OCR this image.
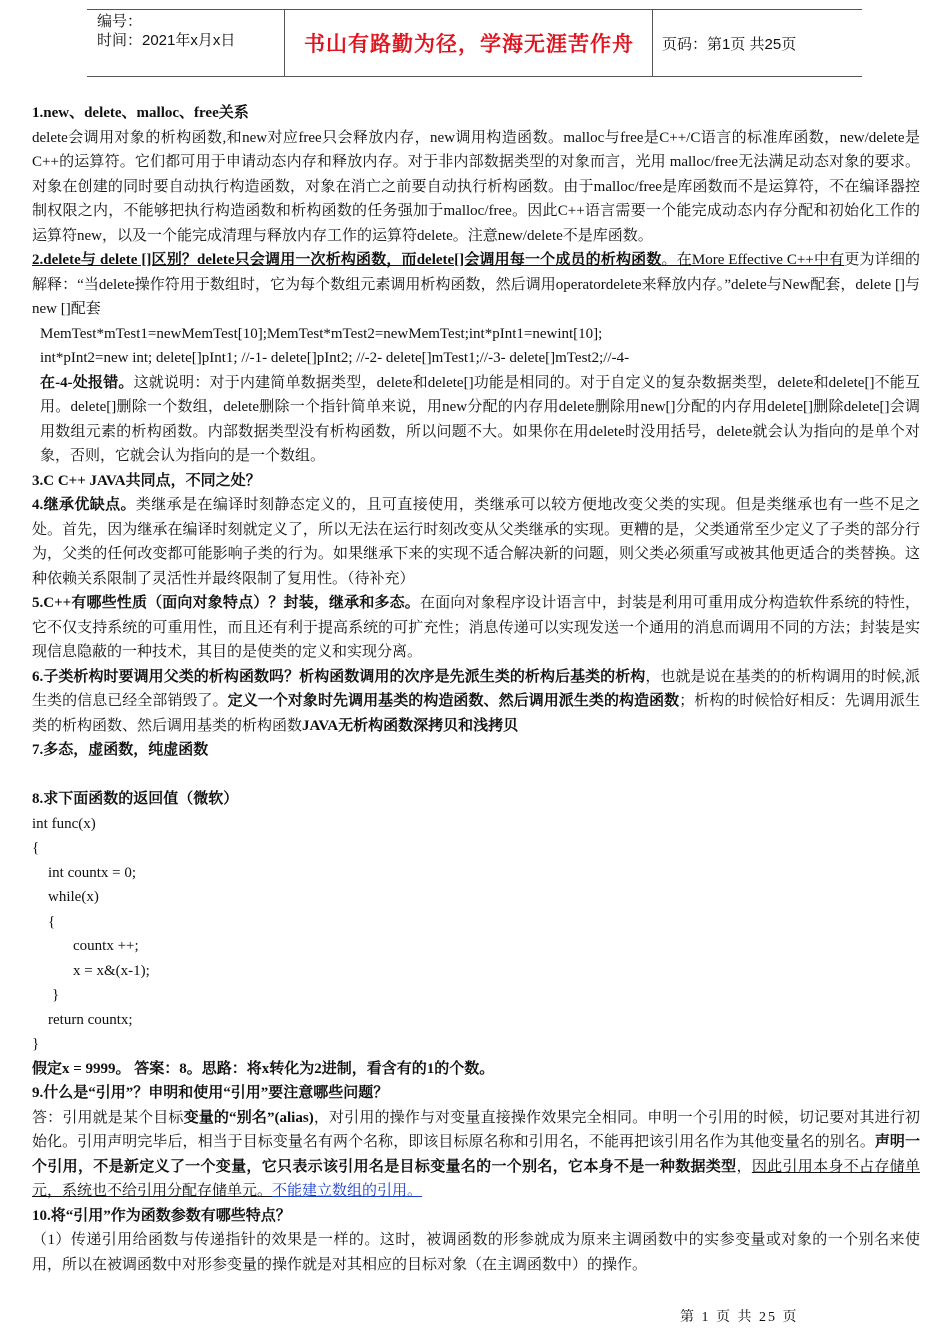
编号：
时间：2021年x月x日	书山有路勤为径，学海无涯苦作舟	页码：第1页 共25页

1.new、delete、malloc、free关系

delete会调用对象的析构函数,和new对应free只会释放内存，new调用构造函数。malloc与free是C++/C语言的标准库函数，new/delete是C++的运算符。它们都可用于申请动态内存和释放内存。对于非内部数据类型的对象而言，光用 malloc/free无法满足动态对象的要求。对象在创建的同时要自动执行构造函数，对象在消亡之前要自动执行析构函数。由于malloc/free是库函数而不是运算符，不在编译器控制权限之内，不能够把执行构造函数和析构函数的任务强加于malloc/free。因此C++语言需要一个能完成动态内存分配和初始化工作的运算符new，以及一个能完成清理与释放内存工作的运算符delete。注意new/delete不是库函数。

2.delete与 delete []区别？delete只会调用一次析构函数，而delete[]会调用每一个成员的析构函数。在More Effective C++中有更为详细的解释：“当delete操作符用于数组时，它为每个数组元素调用析构函数，然后调用operatordelete来释放内存。”delete与New配套，delete []与new []配套

MemTest*mTest1=newMemTest[10];MemTest*mTest2=newMemTest;int*pInt1=newint[10];

int*pInt2=new int; delete[]pInt1; //-1- delete[]pInt2; //-2- delete[]mTest1;//-3- delete[]mTest2;//-4-

在-4-处报错。这就说明：对于内建简单数据类型，delete和delete[]功能是相同的。对于自定义的复杂数据类型，delete和delete[]不能互用。delete[]删除一个数组，delete删除一个指针简单来说，用new分配的内存用delete删除用new[]分配的内存用delete[]删除delete[]会调用数组元素的析构函数。内部数据类型没有析构函数，所以问题不大。如果你在用delete时没用括号，delete就会认为指向的是单个对象，否则，它就会认为指向的是一个数组。

3.C C++ JAVA共同点，不同之处？

4.继承优缺点。类继承是在编译时刻静态定义的，且可直接使用，类继承可以较方便地改变父类的实现。但是类继承也有一些不足之处。首先，因为继承在编译时刻就定义了，所以无法在运行时刻改变从父类继承的实现。更糟的是，父类通常至少定义了子类的部分行为，父类的任何改变都可能影响子类的行为。如果继承下来的实现不适合解决新的问题，则父类必须重写或被其他更适合的类替换。这种依赖关系限制了灵活性并最终限制了复用性。（待补充）

5.C++有哪些性质（面向对象特点）？封装，继承和多态。在面向对象程序设计语言中，封装是利用可重用成分构造软件系统的特性，它不仅支持系统的可重用性，而且还有利于提高系统的可扩充性；消息传递可以实现发送一个通用的消息而调用不同的方法；封装是实现信息隐蔽的一种技术，其目的是使类的定义和实现分离。

6.子类析构时要调用父类的析构函数吗？析构函数调用的次序是先派生类的析构后基类的析构，也就是说在基类的的析构调用的时候,派生类的信息已经全部销毁了。定义一个对象时先调用基类的构造函数、然后调用派生类的构造函数；析构的时候恰好相反：先调用派生类的析构函数、然后调用基类的析构函数JAVA无析构函数深拷贝和浅拷贝

7.多态，虚函数，纯虚函数

8.求下面函数的返回值（微软）

int func(x)

{

int countx = 0;

while(x)

{

countx ++;

x = x&(x-1);

}

return countx;

}

假定x = 9999。 答案：8。思路：将x转化为2进制，看含有的1的个数。

9.什么是“引用”？申明和使用“引用”要注意哪些问题？

答：引用就是某个目标变量的“别名”(alias)，对引用的操作与对变量直接操作效果完全相同。申明一个引用的时候，切记要对其进行初始化。引用声明完毕后，相当于目标变量名有两个名称，即该目标原名称和引用名，不能再把该引用名作为其他变量名的别名。声明一个引用，不是新定义了一个变量，它只表示该引用名是目标变量名的一个别名，它本身不是一种数据类型，因此引用本身不占存储单元，系统也不给引用分配存储单元。不能建立数组的引用。

10.将“引用”作为函数参数有哪些特点？

（1）传递引用给函数与传递指针的效果是一样的。这时，被调函数的形参就成为原来主调函数中的实参变量或对象的一个别名来使用，所以在被调函数中对形参变量的操作就是对其相应的目标对象（在主调函数中）的操作。

第 1 页 共 25 页
